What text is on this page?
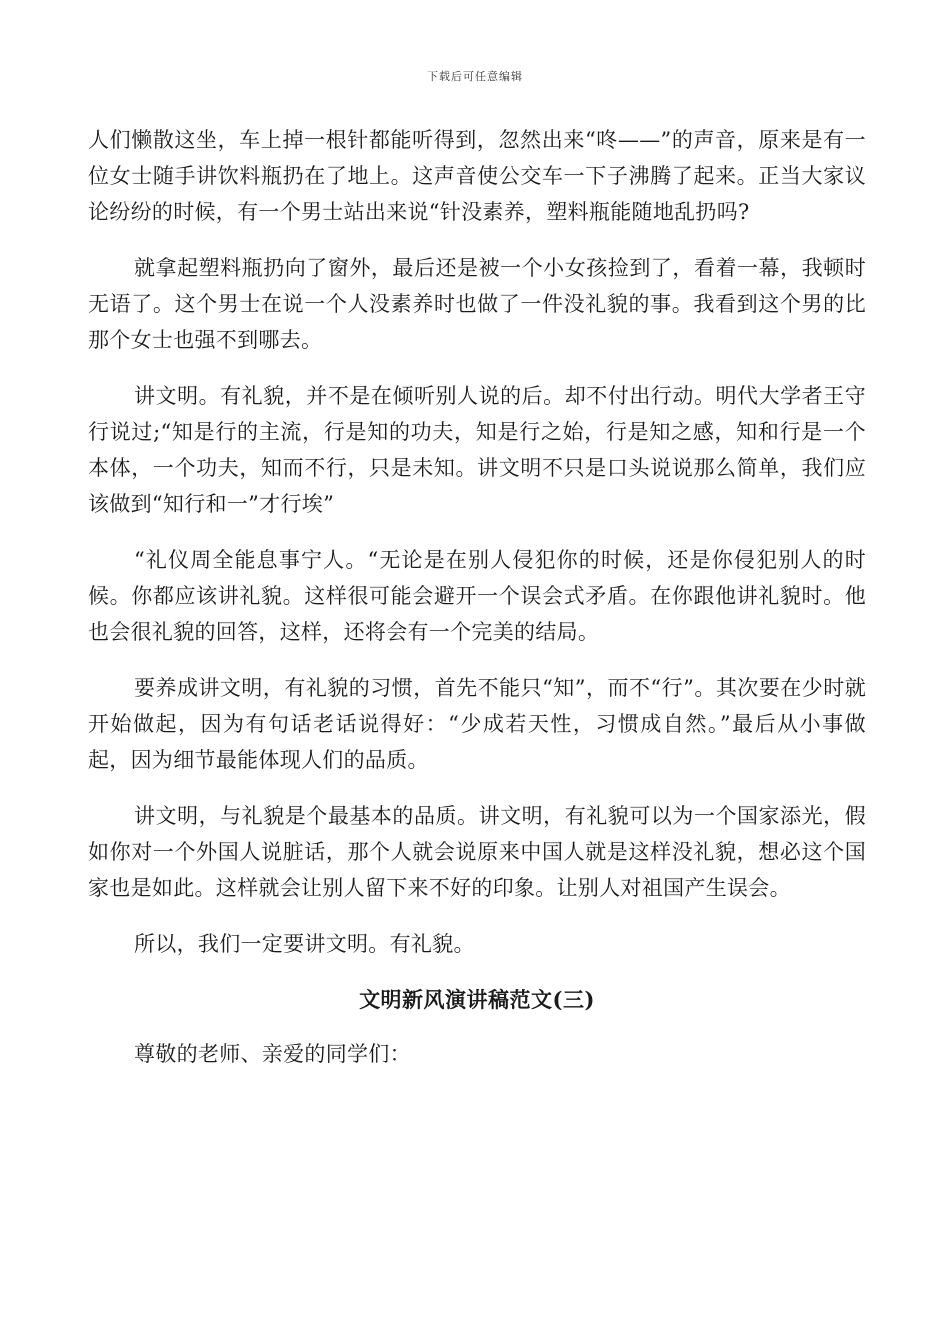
下载后可任意编辑

人们懒散这坐，车上掉一根针都能听得到，忽然出来“咚——”的声音，原来是有一位女士随手讲饮料瓶扔在了地上。这声音使公交车一下子沸腾了起来。正当大家议论纷纷的时候，有一个男士站出来说“针没素养，塑料瓶能随地乱扔吗?

就拿起塑料瓶扔向了窗外，最后还是被一个小女孩捡到了，看着一幕，我顿时无语了。这个男士在说一个人没素养时也做了一件没礼貌的事。我看到这个男的比那个女士也强不到哪去。

讲文明。有礼貌，并不是在倾听别人说的后。却不付出行动。明代大学者王守行说过;“知是行的主流，行是知的功夫，知是行之始，行是知之感，知和行是一个本体，一个功夫，知而不行，只是未知。讲文明不只是口头说说那么简单，我们应该做到“知行和一”才行埃”

“礼仪周全能息事宁人。“无论是在别人侵犯你的时候，还是你侵犯别人的时候。你都应该讲礼貌。这样很可能会避开一个误会式矛盾。在你跟他讲礼貌时。他也会很礼貌的回答，这样，还将会有一个完美的结局。

要养成讲文明，有礼貌的习惯，首先不能只“知”，而不“行”。其次要在少时就开始做起，因为有句话老话说得好：“少成若天性，习惯成自然。”最后从小事做起，因为细节最能体现人们的品质。

讲文明，与礼貌是个最基本的品质。讲文明，有礼貌可以为一个国家添光，假如你对一个外国人说脏话，那个人就会说原来中国人就是这样没礼貌，想必这个国家也是如此。这样就会让别人留下来不好的印象。让别人对祖国产生误会。

所以，我们一定要讲文明。有礼貌。

文明新风演讲稿范文(三)

尊敬的老师、亲爱的同学们：
